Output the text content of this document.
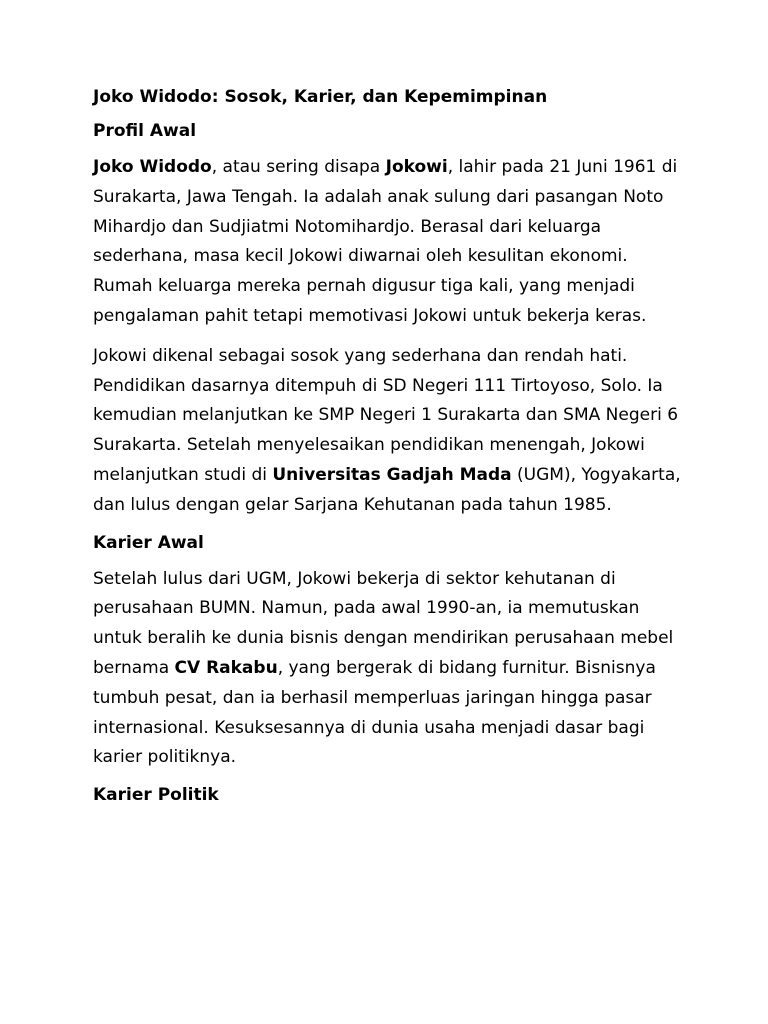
Joko Widodo: Sosok, Karier, dan Kepemimpinan
Profil Awal
Joko Widodo, atau sering disapa Jokowi, lahir pada 21 Juni 1961 di Surakarta, Jawa Tengah. Ia adalah anak sulung dari pasangan Noto Mihardjo dan Sudjiatmi Notomihardjo. Berasal dari keluarga sederhana, masa kecil Jokowi diwarnai oleh kesulitan ekonomi. Rumah keluarga mereka pernah digusur tiga kali, yang menjadi pengalaman pahit tetapi memotivasi Jokowi untuk bekerja keras.
Jokowi dikenal sebagai sosok yang sederhana dan rendah hati. Pendidikan dasarnya ditempuh di SD Negeri 111 Tirtoyoso, Solo. Ia kemudian melanjutkan ke SMP Negeri 1 Surakarta dan SMA Negeri 6 Surakarta. Setelah menyelesaikan pendidikan menengah, Jokowi melanjutkan studi di Universitas Gadjah Mada (UGM), Yogyakarta, dan lulus dengan gelar Sarjana Kehutanan pada tahun 1985.
Karier Awal
Setelah lulus dari UGM, Jokowi bekerja di sektor kehutanan di perusahaan BUMN. Namun, pada awal 1990-an, ia memutuskan untuk beralih ke dunia bisnis dengan mendirikan perusahaan mebel bernama CV Rakabu, yang bergerak di bidang furnitur. Bisnisnya tumbuh pesat, dan ia berhasil memperluas jaringan hingga pasar internasional. Kesuksesannya di dunia usaha menjadi dasar bagi karier politiknya.
Karier Politik
